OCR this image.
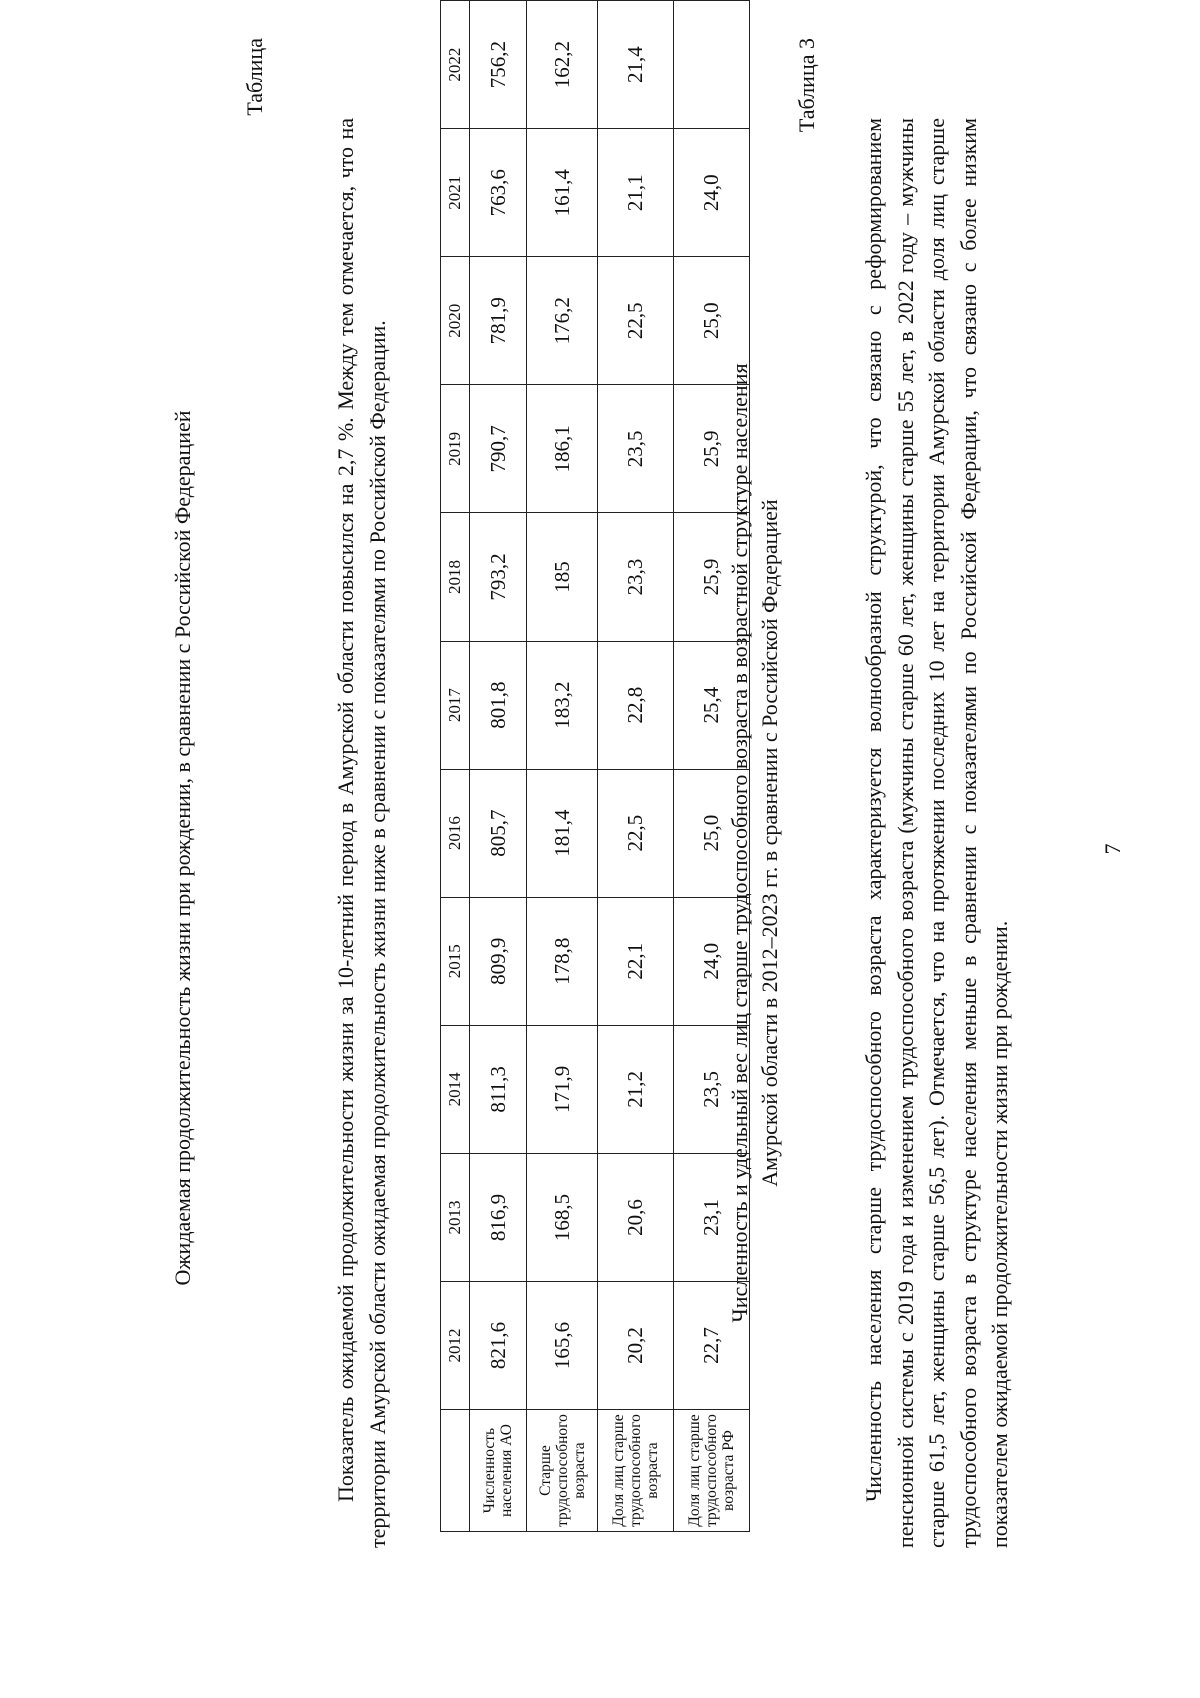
7
Численность населения старше трудоспособного возраста характеризуется волнообразной структурой, что связано с реформированием пенсионной системы с 2019 года и изменением трудоспособного возраста (мужчины старше 60 лет, женщины старше 55 лет, в 2022 году – мужчины старше 61,5 лет, женщины старше 56,5 лет). Отмечается, что на протяжении последних 10 лет на территории Амурской области доля лиц старше трудоспособного возраста в структуре населения меньше в сравнении с показателями по Российской Федерации, что связано с более низким показателем ожидаемой продолжительности жизни при рождении.
Таблица 3
Численность и удельный вес лиц старше трудоспособного возраста в возрастной структуре населения Амурской области в 2012–2023 гг. в сравнении с Российской Федерацией
	2012	2013	2014	2015	2016	2017	2018	2019	2020	2021	2022
Численность населения АО	821,6	816,9	811,3	809,9	805,7	801,8	793,2	790,7	781,9	763,6	756,2
Старше трудоспособного возраста	165,6	168,5	171,9	178,8	181,4	183,2	185	186,1	176,2	161,4	162,2
Доля лиц старше трудоспособного возраста	20,2	20,6	21,2	22,1	22,5	22,8	23,3	23,5	22,5	21,1	21,4
Доля лиц старше трудоспособного возраста РФ	22,7	23,1	23,5	24,0	25,0	25,4	25,9	25,9	25,0	24,0	
Показатель ожидаемой продолжительности жизни за 10-летний период в Амурской области повысился на 2,7 %. Между тем отмечается, что на территории Амурской области ожидаемая продолжительность жизни ниже в сравнении с показателями по Российской Федерации.
Таблица
Ожидаемая продолжительность жизни при рождении, в сравнении с Российской Федерацией
